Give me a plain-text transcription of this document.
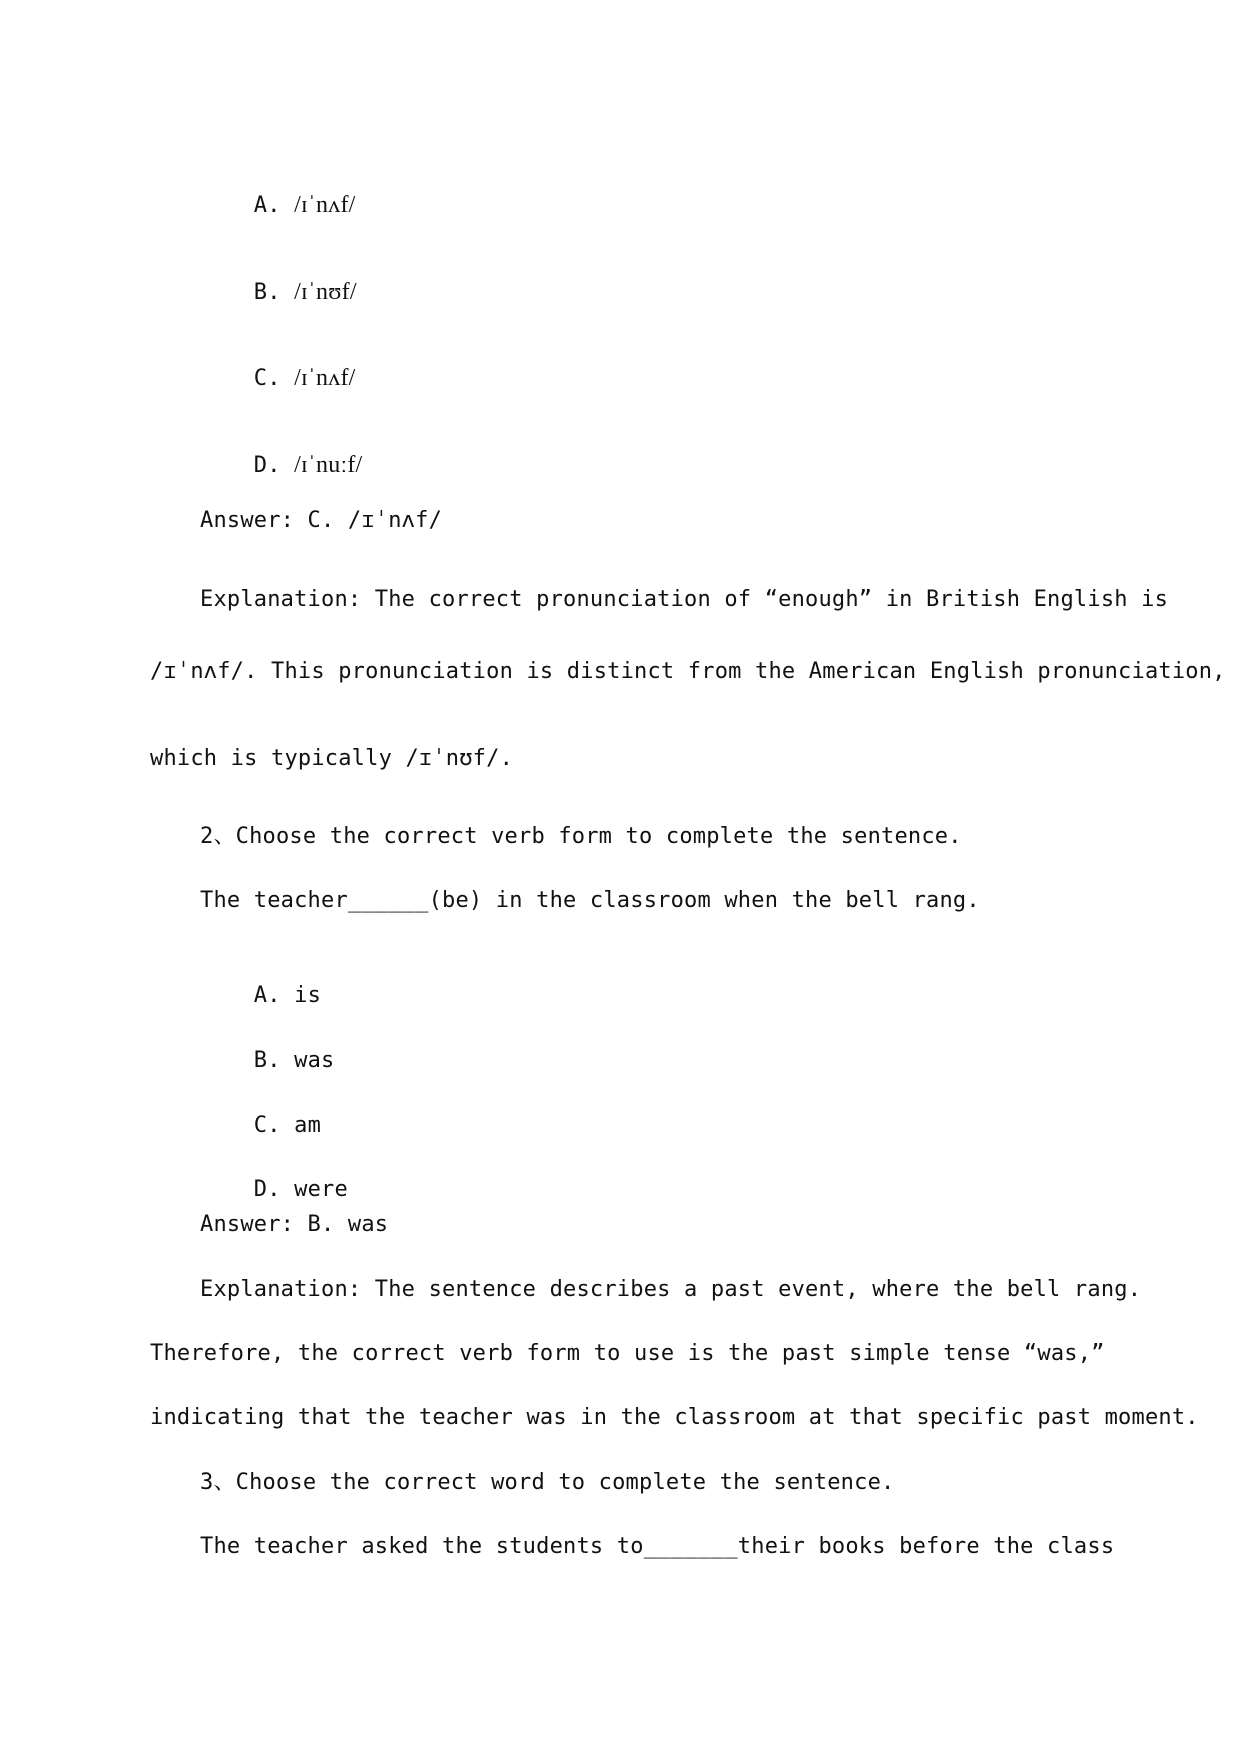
A. /ɪˈnʌf/

B. /ɪˈnʊf/

C. /ɪˈnʌf/

D. /ɪˈnuːf/

Answer: C. /ɪˈnʌf/
Explanation: The correct pronunciation of “enough” in British English is
/ɪˈnʌf/. This pronunciation is distinct from the American English pronunciation,
which is typically /ɪˈnʊf/.
2、Choose the correct verb form to complete the sentence.
The teacher______(be) in the classroom when the bell rang.

A. is

B. was

C. am

D. were

Answer: B. was
Explanation: The sentence describes a past event, where the bell rang.
Therefore, the correct verb form to use is the past simple tense “was,”
indicating that the teacher was in the classroom at that specific past moment.
3、Choose the correct word to complete the sentence.
The teacher asked the students to_______their books before the class
